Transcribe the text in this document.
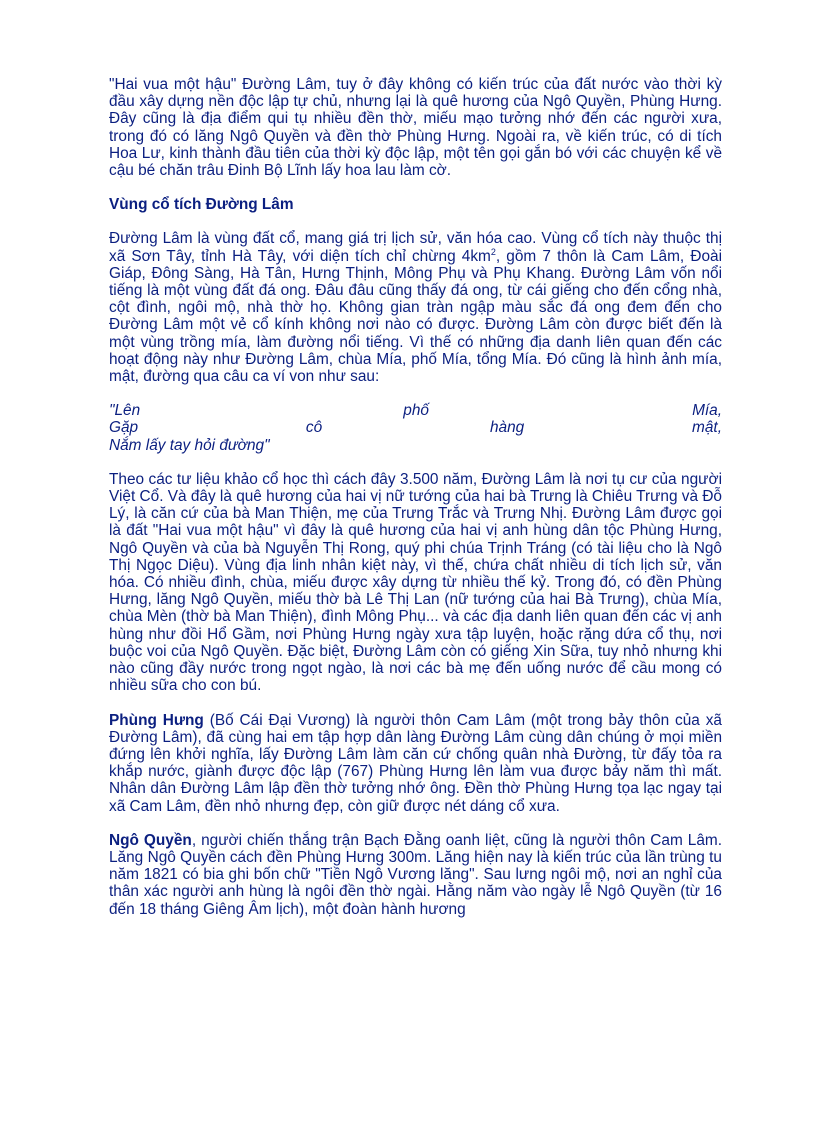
"Hai vua một hậu" Đường Lâm, tuy ở đây không có kiến trúc của đất nước vào thời kỳ đầu xây dựng nền độc lập tự chủ, nhưng lại là quê hương của Ngô Quyền, Phùng Hưng. Đây cũng là địa điểm qui tụ nhiều đền thờ, miếu mạo tưởng nhớ đến các người xưa, trong đó có lăng Ngô Quyền và đền thờ Phùng Hưng. Ngoài ra, về kiến trúc, có di tích Hoa Lư, kinh thành đầu tiên của thời kỳ độc lập, một tên gọi gắn bó với các chuyện kể về cậu bé chăn trâu Đinh Bộ Lĩnh lấy hoa lau làm cờ.

Vùng cổ tích Đường Lâm

Đường Lâm là vùng đất cổ, mang giá trị lịch sử, văn hóa cao. Vùng cổ tích này thuộc thị xã Sơn Tây, tỉnh Hà Tây, với diện tích chỉ chừng $4km^2$, gồm 7 thôn là Cam Lâm, Đoài Giáp, Đông Sàng, Hà Tân, Hưng Thịnh, Mông Phụ và Phụ Khang. Đường Lâm vốn nổi tiếng là một vùng đất đá ong. Đâu đâu cũng thấy đá ong, từ cái giếng cho đến cổng nhà, cột đình, ngôi mộ, nhà thờ họ. Không gian tràn ngập màu sắc đá ong đem đến cho Đường Lâm một vẻ cổ kính không nơi nào có được. Đường Lâm còn được biết đến là một vùng trồng mía, làm đường nổi tiếng. Vì thế có những địa danh liên quan đến các hoạt động này như Đường Lâm, chùa Mía, phố Mía, tổng Mía. Đó cũng là hình ảnh mía, mật, đường qua câu ca ví von như sau:

"Lên	phố	Mía,
Gặp	cô	hàng	mật,
Nắm lấy tay hỏi đường"

Theo các tư liệu khảo cổ học thì cách đây 3.500 năm, Đường Lâm là nơi tụ cư của người Việt Cổ. Và đây là quê hương của hai vị nữ tướng của hai bà Trưng là Chiêu Trưng và Đỗ Lý, là căn cứ của bà Man Thiện, mẹ của Trưng Trắc và Trưng Nhị. Đường Lâm được gọi là đất "Hai vua một hậu" vì đây là quê hương của hai vị anh hùng dân tộc Phùng Hưng, Ngô Quyền và của bà Nguyễn Thị Rong, quý phi chúa Trịnh Tráng (có tài liệu cho là Ngô Thị Ngọc Diệu). Vùng địa linh nhân kiệt này, vì thế, chứa chất nhiều di tích lịch sử, văn hóa. Có nhiều đình, chùa, miếu được xây dựng từ nhiều thế kỷ. Trong đó, có đền Phùng Hưng, lăng Ngô Quyền, miếu thờ bà Lê Thị Lan (nữ tướng của hai Bà Trưng), chùa Mía, chùa Mèn (thờ bà Man Thiện), đình Mông Phụ... và các địa danh liên quan đến các vị anh hùng như đồi Hổ Gầm, nơi Phùng Hưng ngày xưa tập luyện, hoặc rặng dứa cổ thụ, nơi buộc voi của Ngô Quyền. Đặc biệt, Đường Lâm còn có giếng Xin Sữa, tuy nhỏ nhưng khi nào cũng đầy nước trong ngọt ngào, là nơi các bà mẹ đến uống nước để cầu mong có nhiều sữa cho con bú.

Phùng Hưng (Bố Cái Đại Vương) là người thôn Cam Lâm (một trong bảy thôn của xã Đường Lâm), đã cùng hai em tập hợp dân làng Đường Lâm cùng dân chúng ở mọi miền đứng lên khởi nghĩa, lấy Đường Lâm làm căn cứ chống quân nhà Đường, từ đấy tỏa ra khắp nước, giành được độc lập (767) Phùng Hưng lên làm vua được bảy năm thì mất. Nhân dân Đường Lâm lập đền thờ tưởng nhớ ông. Đền thờ Phùng Hưng tọa lạc ngay tại xã Cam Lâm, đền nhỏ nhưng đẹp, còn giữ được nét dáng cổ xưa.

Ngô Quyền, người chiến thắng trận Bạch Đằng oanh liệt, cũng là người thôn Cam Lâm. Lăng Ngô Quyền cách đền Phùng Hưng 300m. Lăng hiện nay là kiến trúc của lần trùng tu năm 1821 có bia ghi bốn chữ "Tiền Ngô Vương lăng". Sau lưng ngôi mộ, nơi an nghỉ của thân xác người anh hùng là ngôi đền thờ ngài. Hằng năm vào ngày lễ Ngô Quyền (từ 16 đến 18 tháng Giêng Âm lịch), một đoàn hành hương
